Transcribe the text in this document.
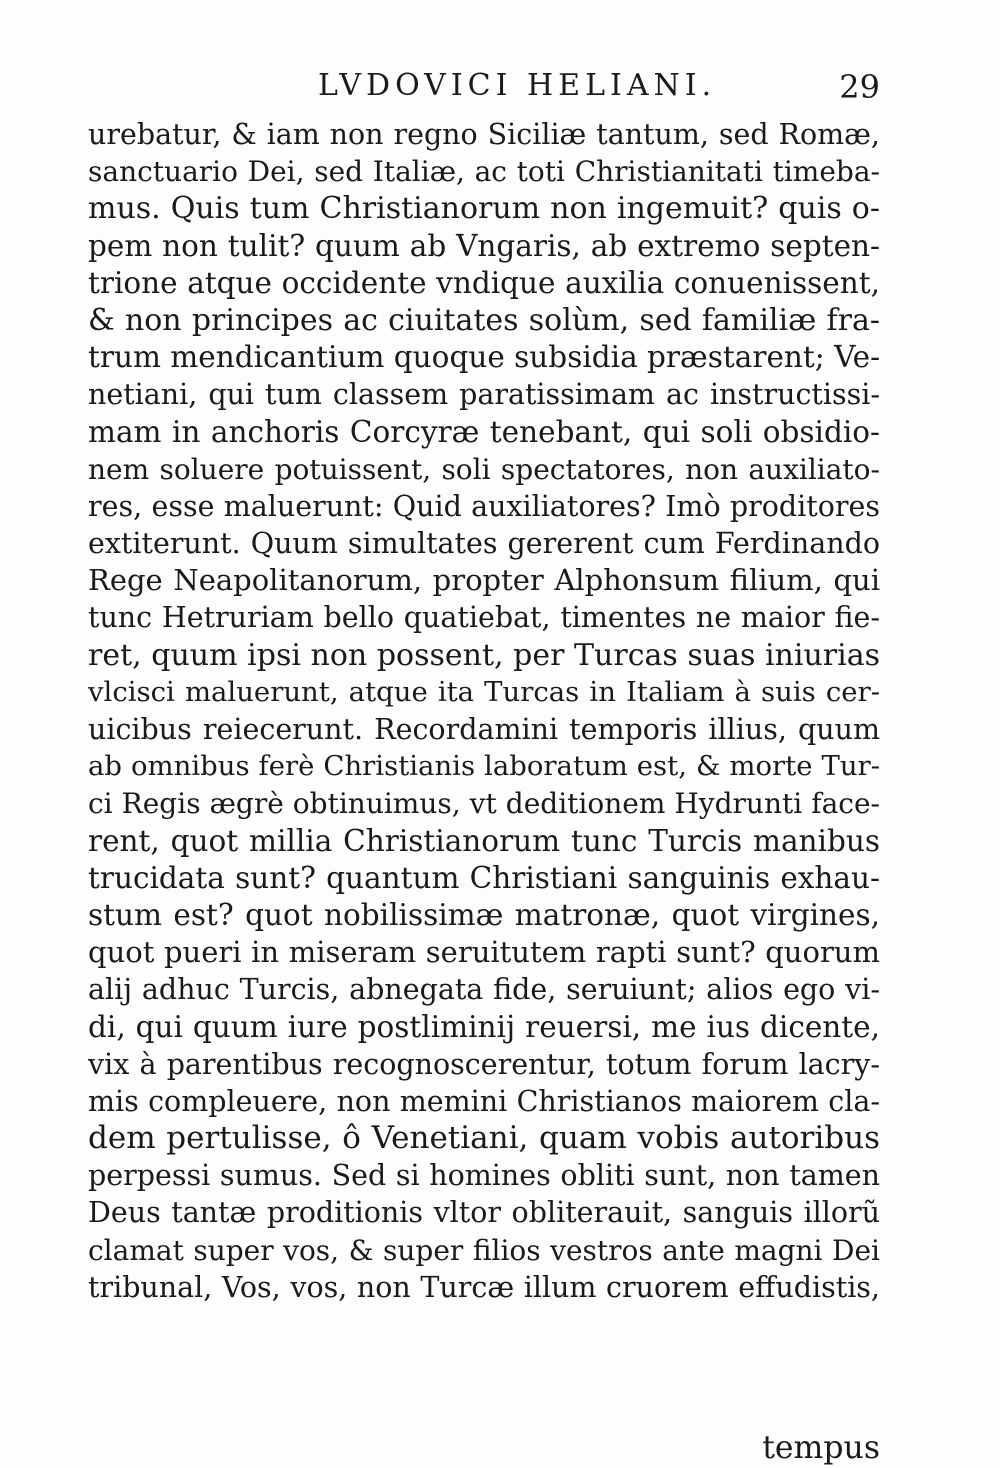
LVDOVICI HELIANI.	29
urebatur, & iam non regno Siciliæ tantum, sed Romæ,
sanctuario Dei, sed Italiæ, ac toti Christianitati timeba-
mus. Quis tum Christianorum non ingemuit? quis o-
pem non tulit? quum ab Vngaris, ab extremo septen-
trione atque occidente vndique auxilia conuenissent,
& non principes ac ciuitates solùm, sed familiæ fra-
trum mendicantium quoque subsidia præstarent; Ve-
netiani, qui tum classem paratissimam ac instructissi-
mam in anchoris Corcyræ tenebant, qui soli obsidio-
nem soluere potuissent, soli spectatores, non auxiliato-
res, esse maluerunt: Quid auxiliatores? Imò proditores
extiterunt. Quum simultates gererent cum Ferdinando
Rege Neapolitanorum, propter Alphonsum filium, qui
tunc Hetruriam bello quatiebat, timentes ne maior fie-
ret, quum ipsi non possent, per Turcas suas iniurias
vlcisci maluerunt, atque ita Turcas in Italiam à suis cer-
uicibus reiecerunt. Recordamini temporis illius, quum
ab omnibus ferè Christianis laboratum est, & morte Tur-
ci Regis ægrè obtinuimus, vt deditionem Hydrunti face-
rent, quot millia Christianorum tunc Turcis manibus
trucidata sunt? quantum Christiani sanguinis exhau-
stum est? quot nobilissimæ matronæ, quot virgines,
quot pueri in miseram seruitutem rapti sunt? quorum
alij adhuc Turcis, abnegata fide, seruiunt; alios ego vi-
di, qui quum iure postliminij reuersi, me ius dicente,
vix à parentibus recognoscerentur, totum forum lacry-
mis compleuere, non memini Christianos maiorem cla-
dem pertulisse, ô Venetiani, quam vobis autoribus
perpessi sumus. Sed si homines obliti sunt, non tamen
Deus tantæ proditionis vltor obliterauit, sanguis illorũ
clamat super vos, & super filios vestros ante magni Dei
tribunal, Vos, vos, non Turcæ illum cruorem effudistis,
tempus
